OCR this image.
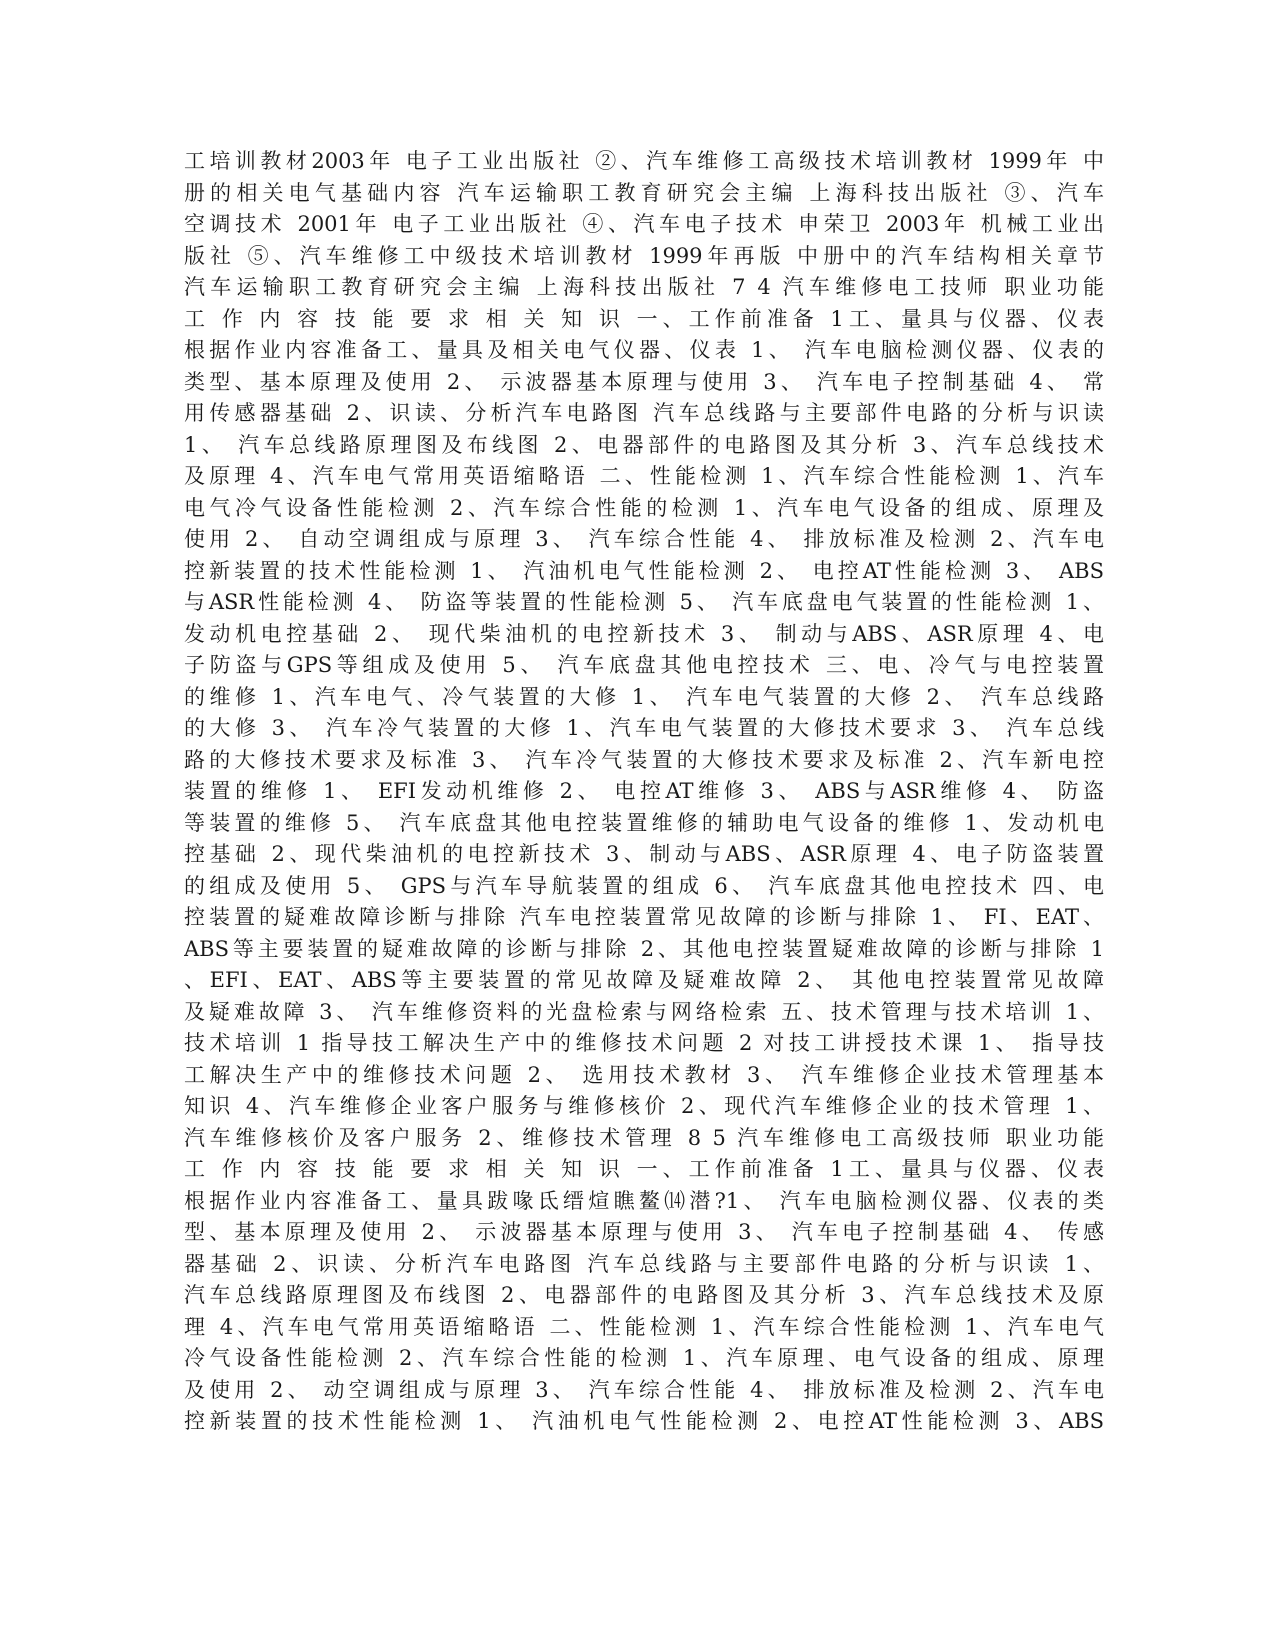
工培训教材2003年 电子工业出版社 ②、汽车维修工高级技术培训教材 1999年 中
册的相关电气基础内容 汽车运输职工教育研究会主编 上海科技出版社 ③、汽车
空调技术 2001年 电子工业出版社 ④、汽车电子技术 申荣卫 2003年 机械工业出
版社 ⑤、汽车维修工中级技术培训教材 1999年再版 中册中的汽车结构相关章节
汽车运输职工教育研究会主编 上海科技出版社 7 4 汽车维修电工技师 职业功能
工 作 内 容 技 能 要 求 相 关 知 识 一、工作前准备 1工、量具与仪器、仪表
根据作业内容准备工、量具及相关电气仪器、仪表 1、 汽车电脑检测仪器、仪表的
类型、基本原理及使用 2、 示波器基本原理与使用 3、 汽车电子控制基础 4、 常
用传感器基础 2、识读、分析汽车电路图 汽车总线路与主要部件电路的分析与识读
1、 汽车总线路原理图及布线图 2、电器部件的电路图及其分析 3、汽车总线技术
及原理 4、汽车电气常用英语缩略语 二、性能检测 1、汽车综合性能检测 1、汽车
电气冷气设备性能检测 2、汽车综合性能的检测 1、汽车电气设备的组成、原理及
使用 2、 自动空调组成与原理 3、 汽车综合性能 4、 排放标准及检测 2、汽车电
控新装置的技术性能检测 1、 汽油机电气性能检测 2、 电控AT性能检测 3、 ABS
与ASR性能检测 4、 防盗等装置的性能检测 5、 汽车底盘电气装置的性能检测 1、
发动机电控基础 2、 现代柴油机的电控新技术 3、 制动与ABS、ASR原理 4、电
子防盗与GPS等组成及使用 5、 汽车底盘其他电控技术 三、电、冷气与电控装置
的维修 1、汽车电气、冷气装置的大修 1、 汽车电气装置的大修 2、 汽车总线路
的大修 3、 汽车冷气装置的大修 1、汽车电气装置的大修技术要求 3、 汽车总线
路的大修技术要求及标准 3、 汽车冷气装置的大修技术要求及标准 2、汽车新电控
装置的维修 1、 EFI发动机维修 2、 电控AT维修 3、 ABS与ASR维修 4、 防盗
等装置的维修 5、 汽车底盘其他电控装置维修的辅助电气设备的维修 1、发动机电
控基础 2、现代柴油机的电控新技术 3、制动与ABS、ASR原理 4、电子防盗装置
的组成及使用 5、 GPS与汽车导航装置的组成 6、 汽车底盘其他电控技术 四、电
控装置的疑难故障诊断与排除 汽车电控装置常见故障的诊断与排除 1、 FI、EAT、
ABS等主要装置的疑难故障的诊断与排除 2、其他电控装置疑难故障的诊断与排除 1
、EFI、EAT、ABS等主要装置的常见故障及疑难故障 2、 其他电控装置常见故障
及疑难故障 3、 汽车维修资料的光盘检索与网络检索 五、技术管理与技术培训 1、
技术培训 1 指导技工解决生产中的维修技术问题 2 对技工讲授技术课 1、 指导技
工解决生产中的维修技术问题 2、 选用技术教材 3、 汽车维修企业技术管理基本
知识 4、汽车维修企业客户服务与维修核价 2、现代汽车维修企业的技术管理 1、
汽车维修核价及客户服务 2、维修技术管理 8 5 汽车维修电工高级技师 职业功能
工 作 内 容 技 能 要 求 相 关 知 识 一、工作前准备 1工、量具与仪器、仪表
根据作业内容准备工、量具跋喙氐缙煊瞧鳌⒁潜?1、 汽车电脑检测仪器、仪表的类
型、基本原理及使用 2、 示波器基本原理与使用 3、 汽车电子控制基础 4、 传感
器基础 2、识读、分析汽车电路图 汽车总线路与主要部件电路的分析与识读 1、
汽车总线路原理图及布线图 2、电器部件的电路图及其分析 3、汽车总线技术及原
理 4、汽车电气常用英语缩略语 二、性能检测 1、汽车综合性能检测 1、汽车电气
冷气设备性能检测 2、汽车综合性能的检测 1、汽车原理、电气设备的组成、原理
及使用 2、 动空调组成与原理 3、 汽车综合性能 4、 排放标准及检测 2、汽车电
控新装置的技术性能检测 1、 汽油机电气性能检测 2、电控AT性能检测 3、ABS
